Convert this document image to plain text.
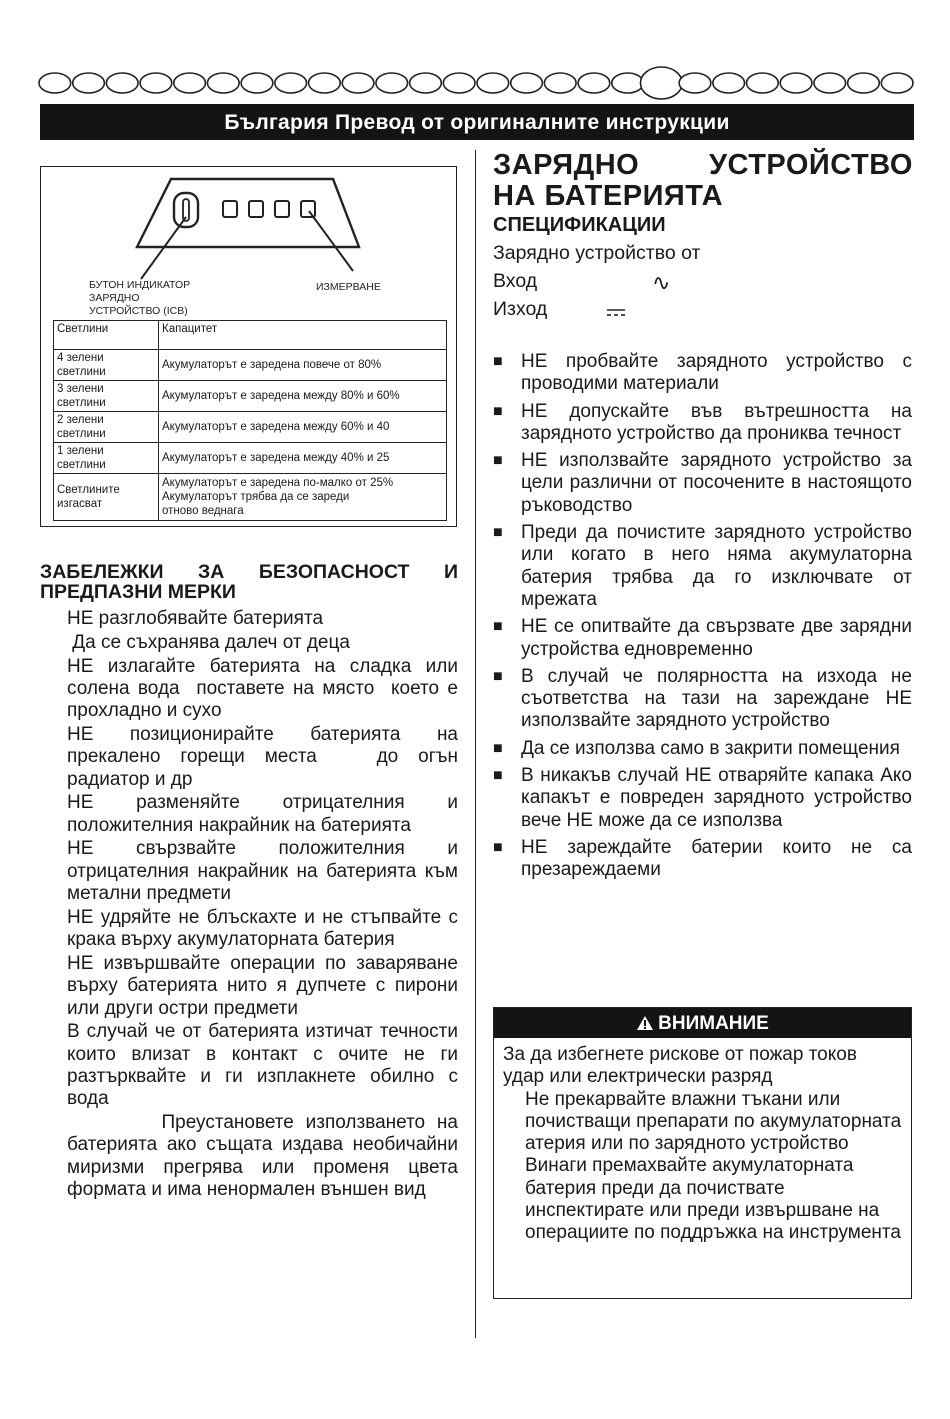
България Превод от оригиналните инструкции
БУТОН ИНДИКАТОР
ЗАРЯДНО
УСТРОЙСТВО (ICB)
ИЗМЕРВАНЕ
Светлини	Капацитет
4 зелени
светлини	Акумулаторът е заредена повече от 80%
3 зелени
светлини	Акумулаторът е заредена между 80% и 60%
2 зелени
светлини	Акумулаторът е заредена между 60% и 40
1 зелени
светлини	Акумулаторът е заредена между 40% и 25
Светлините
изгасват	Акумулаторът е заредена по-малко от 25%
Акумулаторът трябва да се зареди
отново веднага
ЗАБЕЛЕЖКИ ЗА БЕЗОПАСНОСТ И ПРЕДПАЗНИ МЕРКИ

НЕ разглобявайте батерията

Да се съхранява далеч от деца

НЕ излагайте батерията на сладка или солена вода  поставете на място  което е прохладно и сухо

НЕ позиционирайте батерията на прекалено горещи места   до огън  радиатор и др

НЕ разменяйте отрицателния и положителния накрайник на батерията

НЕ свързвайте положителния и отрицателния накрайник на батерията към метални предмети

НЕ удряйте не блъскахте и не стъпвайте с крака върху акумулаторната батерия

НЕ извършвайте операции по заваряване върху батерията нито я дупчете с пирони или други остри предмети

В случай че от батерията изтичат течности които влизат в контакт с очите не ги разтърквайте и ги изплакнете обилно с вода

Преустановете използването на батерията ако същата издава необичайни миризми прегрява или променя цвета формата и има ненормален външен вид

ЗАРЯДНО УСТРОЙСТВО
НА БАТЕРИЯТА
СПЕЦИФИКАЦИИ
Зарядно устройство от
Вход	∿
Изход
■ НЕ пробвайте зарядното устройство с проводими материали
■ НЕ допускайте във вътрешността на зарядното устройство да прониква течност
■ НЕ използвайте зарядното устройство за цели различни от посочените в настоящото ръководство
■ Преди да почистите зарядното устройство или когато в него няма акумулаторна батерия трябва да го изключвате от мрежата
■ НЕ се опитвайте да свързвате две зарядни устройства едновременно
■ В случай че полярността на изхода не съответства на тази на зареждане НЕ използвайте зарядното устройство
■ Да се използва само в закрити помещения
■ В никакъв случай НЕ отваряйте капака Ако капакът е повреден зарядното устройство вече НЕ може да се използва
■ НЕ зареждайте батерии които не са презареждаеми
ВНИМАНИЕ
За да избегнете рискове от пожар токов удар или електрически разряд
Не прекарвайте влажни тъкани или почистващи препарати по акумулаторната атерия или по зарядното устройство
Винаги премахвайте акумулаторната батерия преди да почиствате инспектирате или преди извършване на операциите по поддръжка на инструмента
